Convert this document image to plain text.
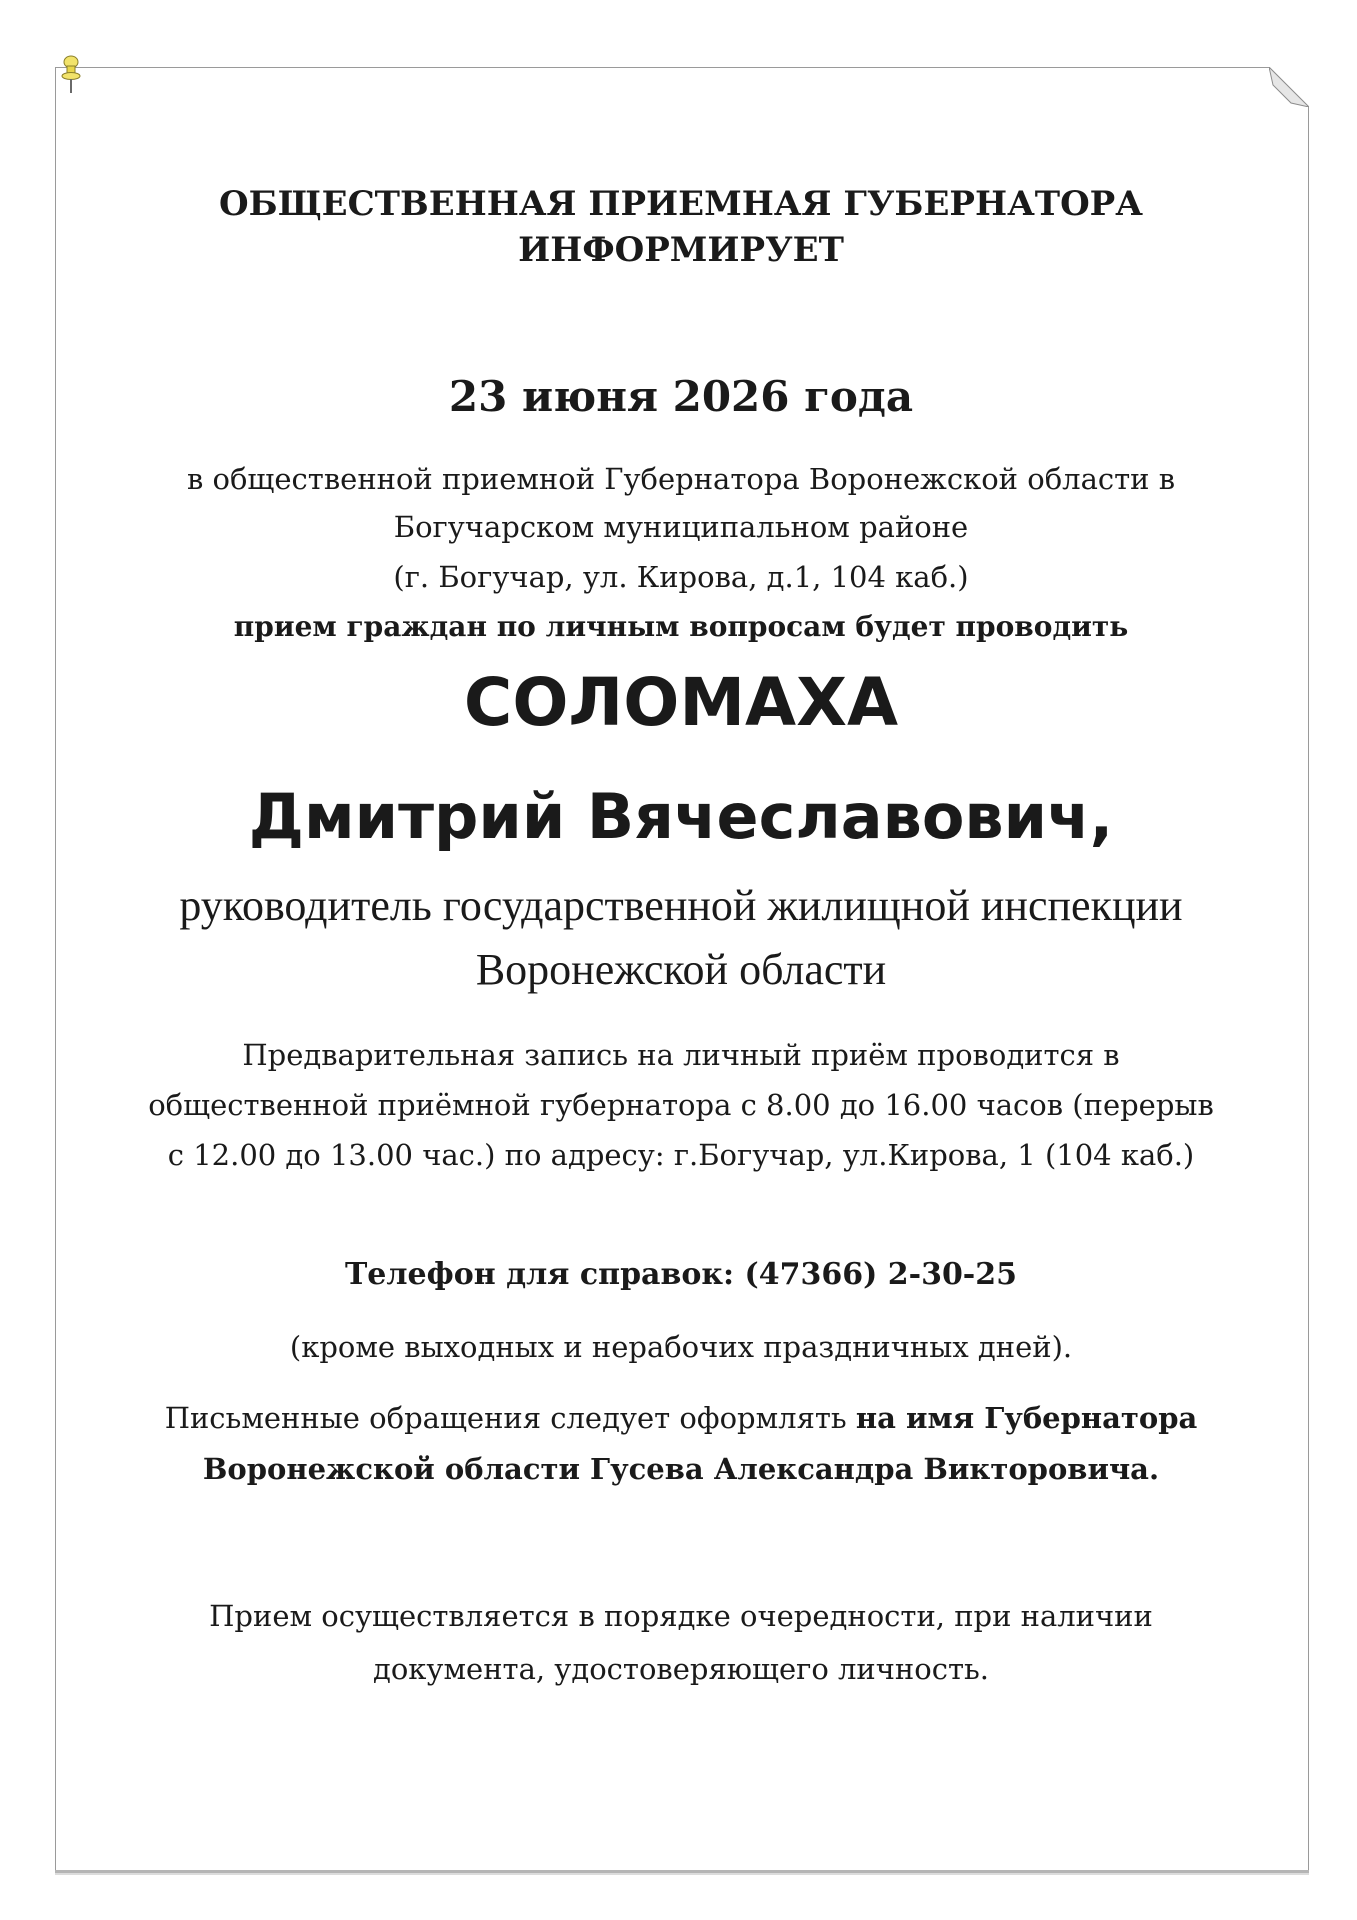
ОБЩЕСТВЕННАЯ ПРИЕМНАЯ ГУБЕРНАТОРА
ИНФОРМИРУЕТ
23 июня 2026 года
в общественной приемной Губернатора Воронежской области в
Богучарском муниципальном районе
(г. Богучар, ул. Кирова, д.1, 104 каб.)
прием граждан по личным вопросам будет проводить
СОЛОМАХА
Дмитрий Вячеславович,
руководитель государственной жилищной инспекции
Воронежской области
Предварительная запись на личный приём проводится в
общественной приёмной губернатора с 8.00 до 16.00 часов (перерыв
с 12.00 до 13.00 час.) по адресу: г.Богучар, ул.Кирова, 1 (104 каб.)
Телефон для справок: (47366) 2-30-25
(кроме выходных и нерабочих праздничных дней).
Письменные обращения следует оформлять на имя Губернатора
Воронежской области Гусева Александра Викторовича.
Прием осуществляется в порядке очередности, при наличии
документа, удостоверяющего личность.
